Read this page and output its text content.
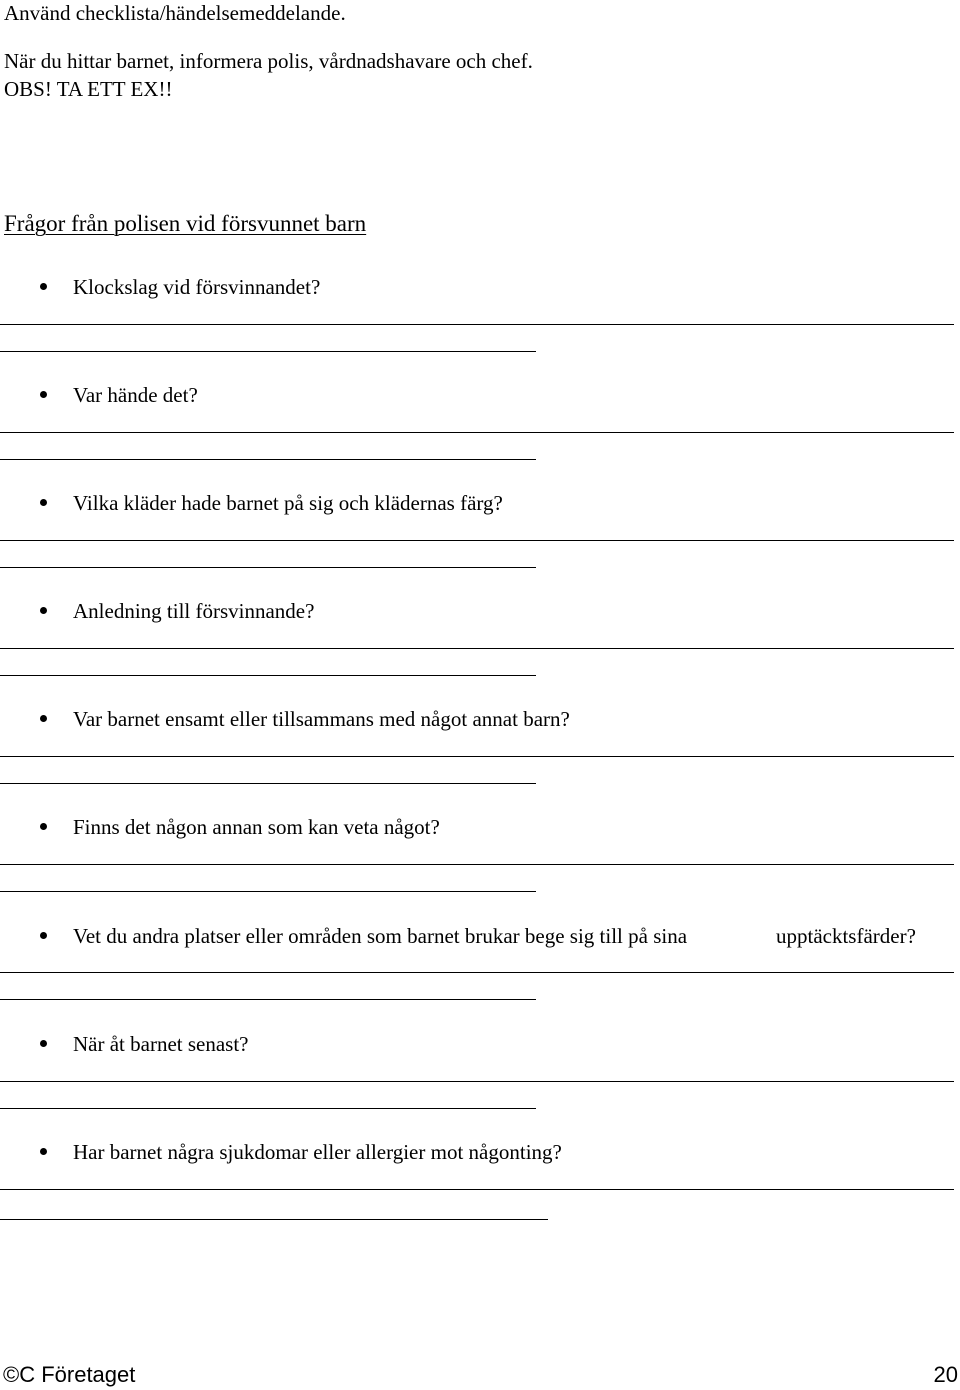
Använd checklista/händelsemeddelande.
När du hittar barnet, informera polis, vårdnadshavare och chef.
OBS! TA ETT EX!!
Frågor från polisen vid försvunnet barn
Klockslag vid försvinnandet?
Var hände det?
Vilka kläder hade barnet på sig och klädernas färg?
Anledning till försvinnande?
Var barnet ensamt eller tillsammans med något annat barn?
Finns det någon annan som kan veta något?
Vet du andra platser eller områden som barnet brukar bege sig till på sina	upptäcktsfärder?
När åt barnet senast?
Har barnet några sjukdomar eller allergier mot någonting?
©C Företaget	20
